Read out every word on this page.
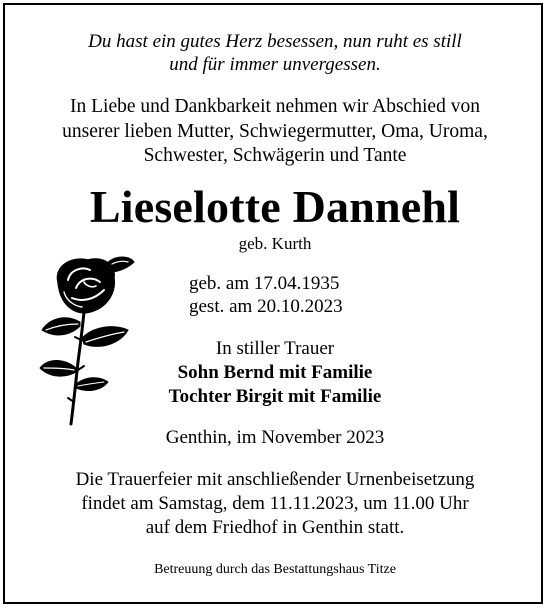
Du hast ein gutes Herz besessen, nun ruht es still
und für immer unvergessen.
In Liebe und Dankbarkeit nehmen wir Abschied von
unserer lieben Mutter, Schwiegermutter, Oma, Uroma,
Schwester, Schwägerin und Tante
Lieselotte Dannehl
geb. Kurth
geb. am 17.04.1935
gest. am 20.10.2023
In stiller Trauer
Sohn Bernd mit Familie
Tochter Birgit mit Familie
Genthin, im November 2023
Die Trauerfeier mit anschließender Urnenbeisetzung
findet am Samstag, dem 11.11.2023, um 11.00 Uhr
auf dem Friedhof in Genthin statt.
Betreuung durch das Bestattungshaus Titze
